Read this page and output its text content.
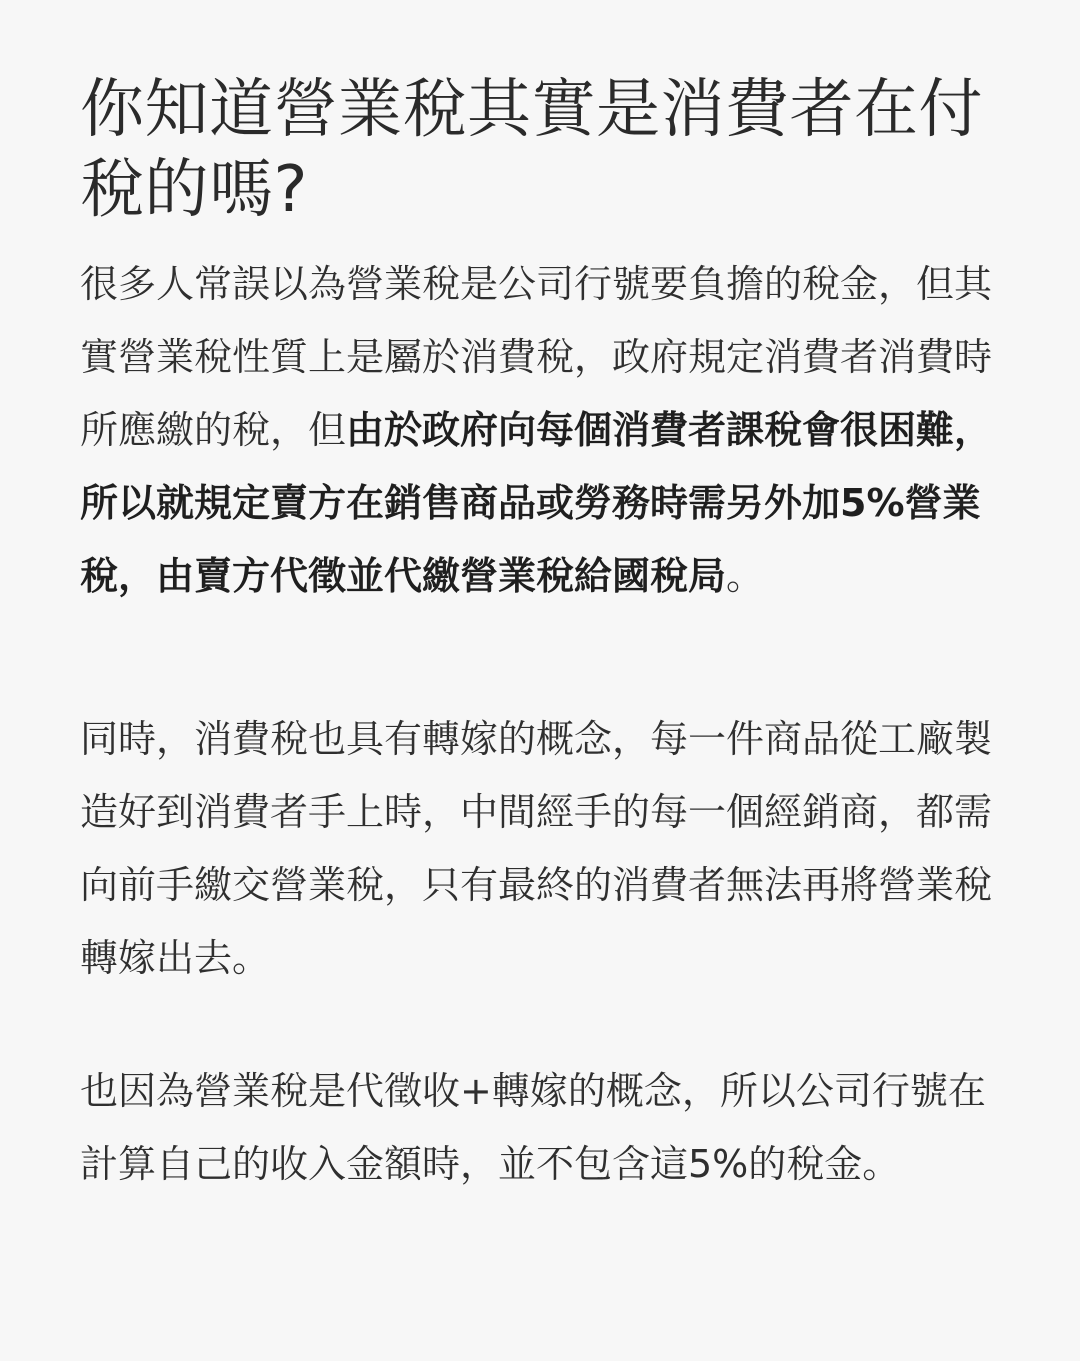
你知道營業稅其實是消費者在付稅的嗎?

很多人常誤以為營業稅是公司行號要負擔的稅金，但其實營業稅性質上是屬於消費稅，政府規定消費者消費時所應繳的稅，但由於政府向每個消費者課稅會很困難，所以就規定賣方在銷售商品或勞務時需另外加5%營業稅，由賣方代徵並代繳營業稅給國稅局。

同時，消費稅也具有轉嫁的概念，每一件商品從工廠製造好到消費者手上時，中間經手的每一個經銷商，都需向前手繳交營業稅，只有最終的消費者無法再將營業稅轉嫁出去。

也因為營業稅是代徵收+轉嫁的概念，所以公司行號在計算自己的收入金額時，並不包含這5%的稅金。
